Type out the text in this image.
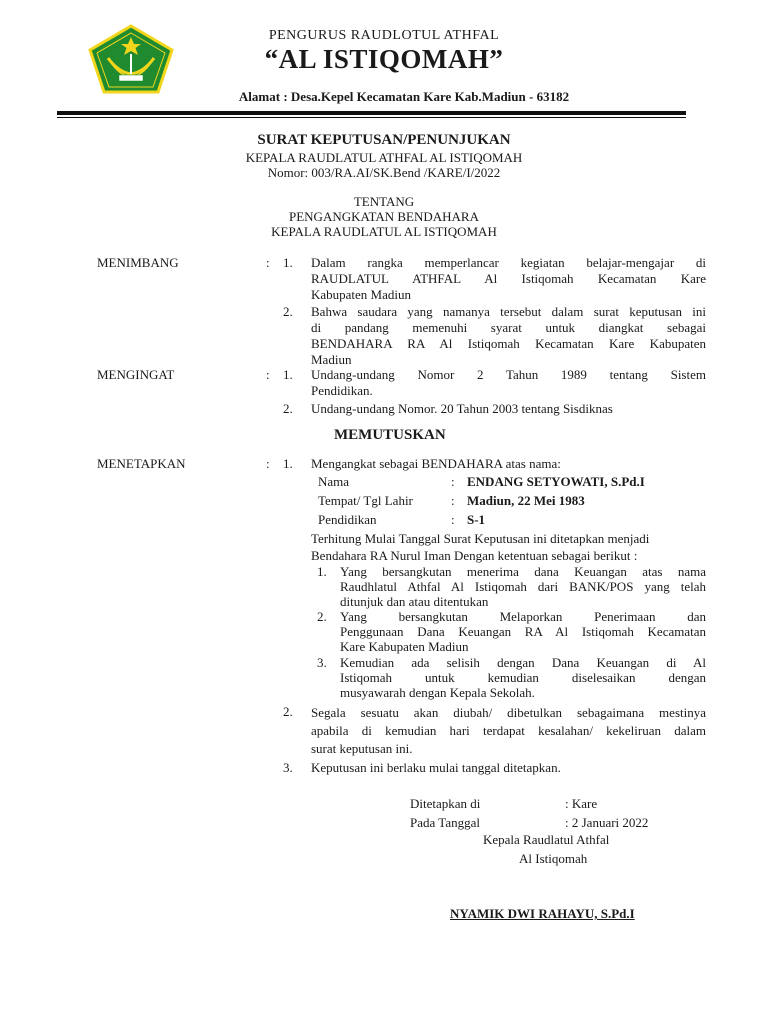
PENGURUS RAUDLOTUL ATHFAL
“AL ISTIQOMAH”
Alamat : Desa.Kepel Kecamatan Kare Kab.Madiun - 63182
SURAT KEPUTUSAN/PENUNJUKAN
KEPALA RAUDLATUL ATHFAL AL ISTIQOMAH
Nomor: 003/RA.AI/SK.Bend /KARE/I/2022
TENTANG
PENGANGKATAN BENDAHARA
KEPALA RAUDLATUL AL ISTIQOMAH
MENIMBANG	: 1. Dalam rangka memperlancar kegiatan belajar-mengajar di
RAUDLATUL ATHFAL Al Istiqomah Kecamatan Kare
Kabupaten Madiun
2. Bahwa saudara yang namanya tersebut dalam surat keputusan ini
di pandang memenuhi syarat untuk diangkat sebagai
BENDAHARA RA Al Istiqomah Kecamatan Kare Kabupaten
Madiun
MENGINGAT	: 1. Undang-undang Nomor 2 Tahun 1989 tentang Sistem
Pendidikan.
2. Undang-undang Nomor. 20 Tahun 2003 tentang Sisdiknas
MEMUTUSKAN
MENETAPKAN	: 1. Mengangkat sebagai BENDAHARA atas nama:
Nama	: ENDANG SETYOWATI, S.Pd.I
Tempat/ Tgl Lahir	: Madiun, 22 Mei 1983
Pendidikan	: S-1
Terhitung Mulai Tanggal Surat Keputusan ini ditetapkan menjadi
Bendahara RA Nurul Iman Dengan ketentuan sebagai berikut :
1. Yang bersangkutan menerima dana Keuangan atas nama
Raudhlatul Athfal Al Istiqomah dari BANK/POS yang telah
ditunjuk dan atau ditentukan
2. Yang bersangkutan Melaporkan Penerimaan dan
Penggunaan Dana Keuangan RA Al Istiqomah Kecamatan
Kare Kabupaten Madiun
3. Kemudian ada selisih dengan Dana Keuangan di Al
Istiqomah untuk kemudian diselesaikan dengan
musyawarah dengan Kepala Sekolah.
2. Segala sesuatu akan diubah/ dibetulkan sebagaimana mestinya
apabila di kemudian hari terdapat kesalahan/ kekeliruan dalam
surat keputusan ini.
3. Keputusan ini berlaku mulai tanggal ditetapkan.
Ditetapkan di	: Kare
Pada Tanggal	: 2 Januari 2022
Kepala Raudlatul Athfal
Al Istiqomah
NYAMIK DWI RAHAYU, S.Pd.I
